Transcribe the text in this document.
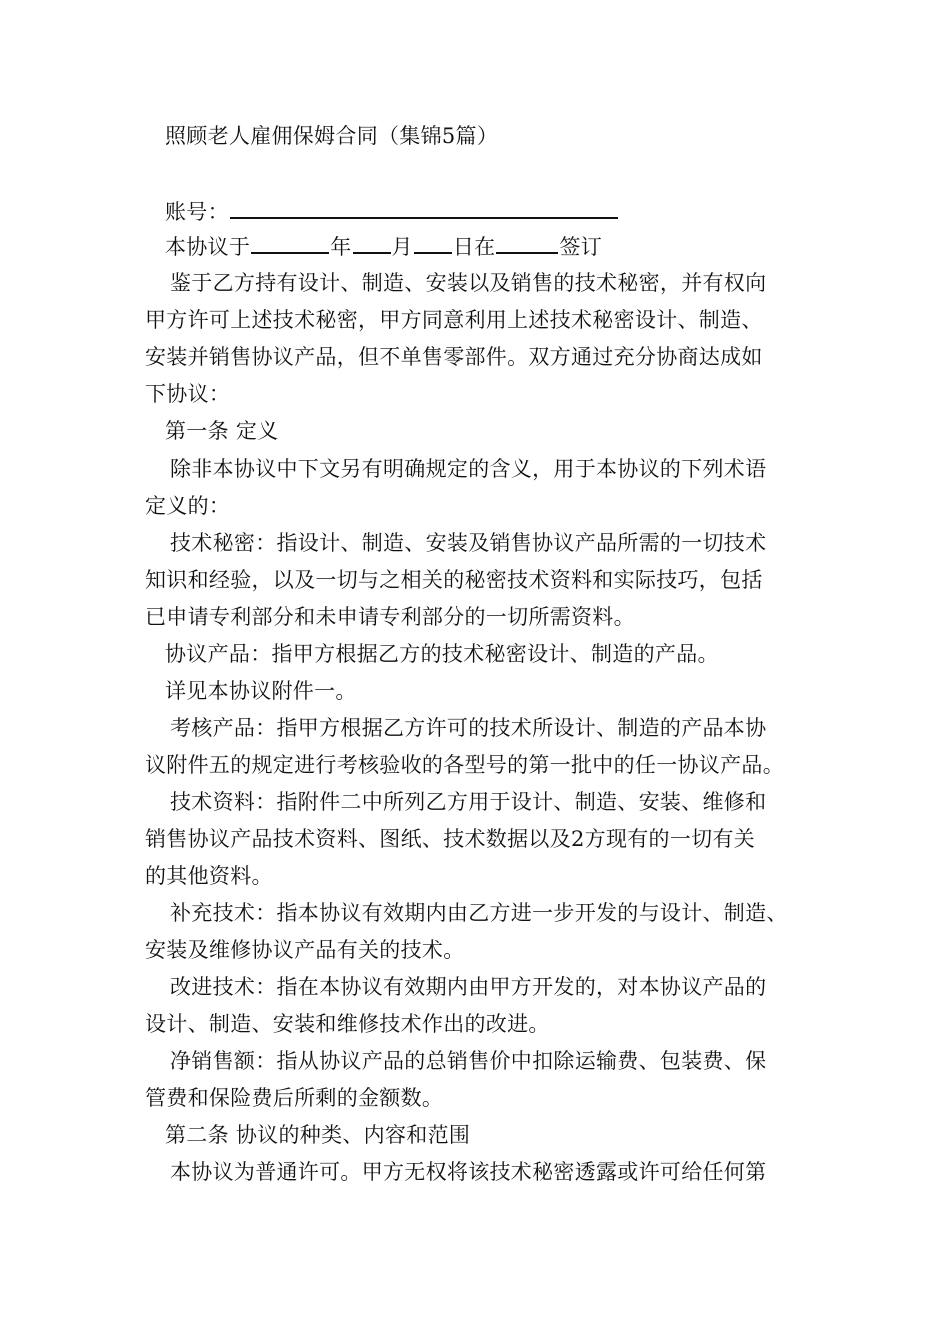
照顾老人雇佣保姆合同（集锦5篇）
账号：
本协议于	年 月 日在	签订
鉴于乙方持有设计、制造、安装以及销售的技术秘密，并有权向
甲方许可上述技术秘密，甲方同意利用上述技术秘密设计、制造、
安装并销售协议产品，但不单售零部件。双方通过充分协商达成如
下协议：
第一条 定义
除非本协议中下文另有明确规定的含义，用于本协议的下列术语
定义的：
技术秘密：指设计、制造、安装及销售协议产品所需的一切技术
知识和经验，以及一切与之相关的秘密技术资料和实际技巧，包括
已申请专利部分和未申请专利部分的一切所需资料。
协议产品：指甲方根据乙方的技术秘密设计、制造的产品。
详见本协议附件一。
考核产品：指甲方根据乙方许可的技术所设计、制造的产品本协
议附件五的规定进行考核验收的各型号的第一批中的任一协议产品。
技术资料：指附件二中所列乙方用于设计、制造、安装、维修和
销售协议产品技术资料、图纸、技术数据以及2方现有的一切有关
的其他资料。
补充技术：指本协议有效期内由乙方进一步开发的与设计、制造、
安装及维修协议产品有关的技术。
改进技术：指在本协议有效期内由甲方开发的，对本协议产品的
设计、制造、安装和维修技术作出的改进。
净销售额：指从协议产品的总销售价中扣除运输费、包装费、保
管费和保险费后所剩的金额数。
第二条 协议的种类、内容和范围
本协议为普通许可。甲方无权将该技术秘密透露或许可给任何第
